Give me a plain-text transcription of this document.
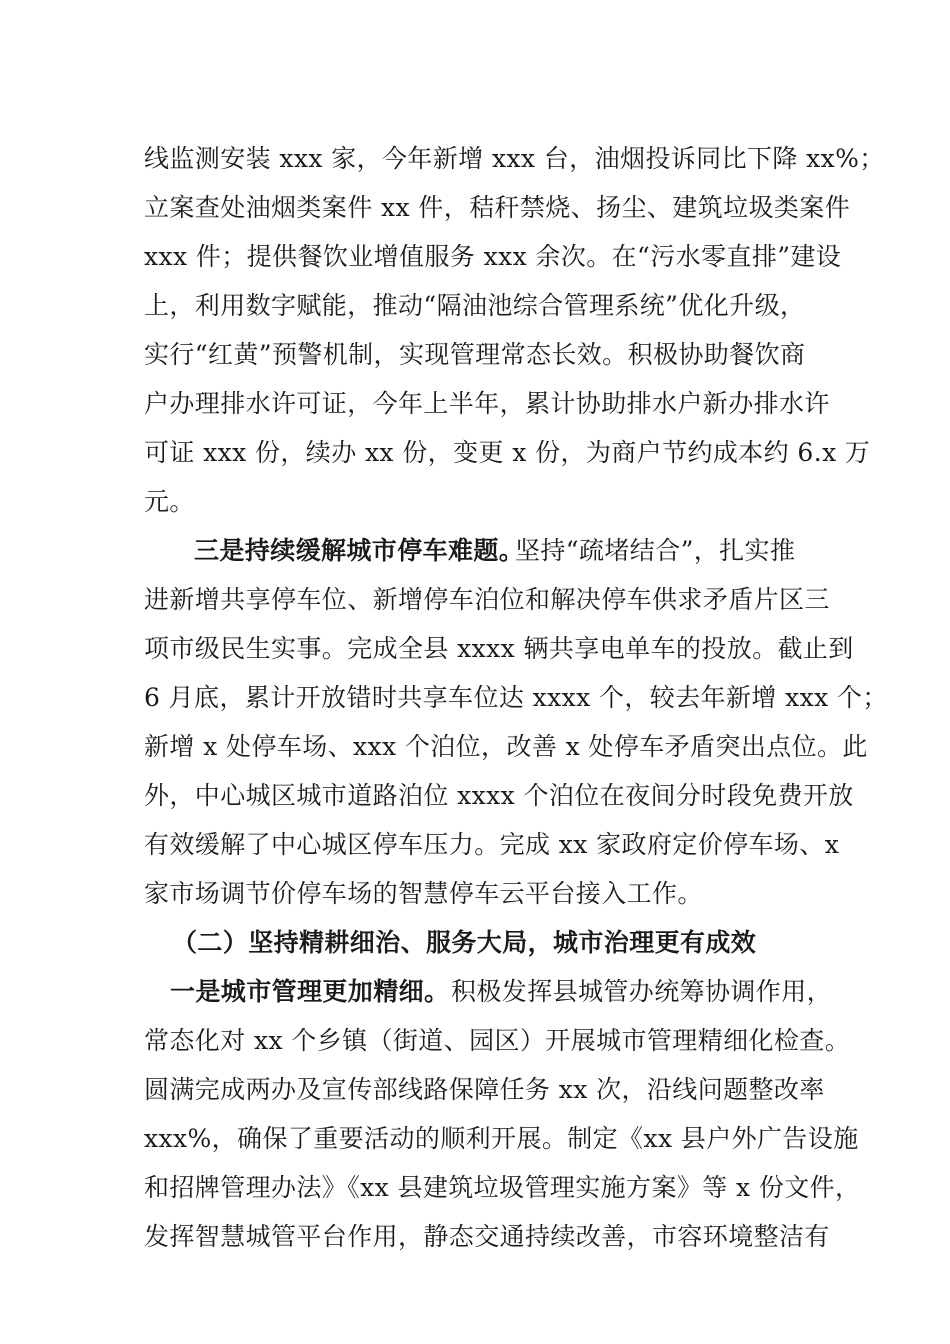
线监测安装 xxx 家，今年新增 xxx 台，油烟投诉同比下降 xx%；
立案查处油烟类案件 xx 件，秸秆禁烧、扬尘、建筑垃圾类案件
xxx 件；提供餐饮业增值服务 xxx 余次。在“污水零直排”建设
上，利用数字赋能，推动“隔油池综合管理系统”优化升级，
实行“红黄”预警机制，实现管理常态长效。积极协助餐饮商
户办理排水许可证，今年上半年，累计协助排水户新办排水许
可证 xxx 份，续办 xx 份，变更 x 份，为商户节约成本约 6.x 万
元。
三是持续缓解城市停车难题。
坚持“疏堵结合”，扎实推
进新增共享停车位、新增停车泊位和解决停车供求矛盾片区三
项市级民生实事。完成全县 xxxx 辆共享电单车的投放。截止到
6 月底，累计开放错时共享车位达 xxxx 个，较去年新增 xxx 个；
新增 x 处停车场、xxx 个泊位，改善 x 处停车矛盾突出点位。此
外，中心城区城市道路泊位 xxxx 个泊位在夜间分时段免费开放
有效缓解了中心城区停车压力。完成 xx 家政府定价停车场、x
家市场调节价停车场的智慧停车云平台接入工作。
（二）坚持精耕细治、服务大局，城市治理更有成效
一是城市管理更加精细。 积极发挥县城管办统筹协调作用，
常态化对 xx 个乡镇（街道、园区）开展城市管理精细化检查。
圆满完成两办及宣传部线路保障任务 xx 次，沿线问题整改率
xxx%，确保了重要活动的顺利开展。制定《xx 县户外广告设施
和招牌管理办法》《xx 县建筑垃圾管理实施方案》等 x 份文件，
发挥智慧城管平台作用，静态交通持续改善，市容环境整洁有
